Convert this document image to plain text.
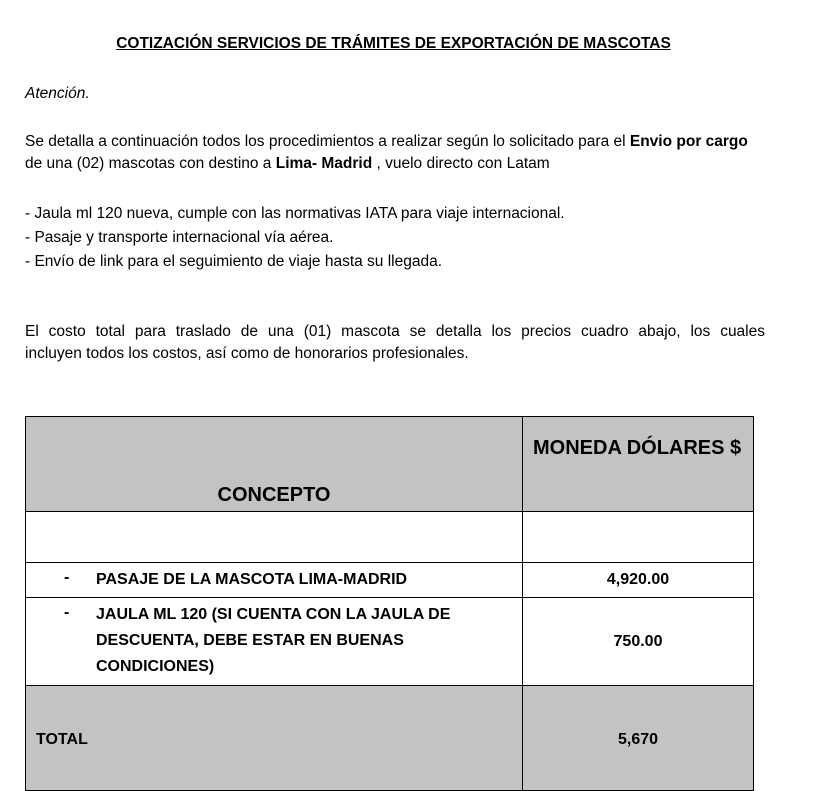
COTIZACIÓN SERVICIOS DE TRÁMITES DE EXPORTACIÓN DE MASCOTAS

Atención.

Se detalla a continuación todos los procedimientos a realizar según lo solicitado para el Envio por cargo de una (02) mascotas con destino a Lima- Madrid , vuelo directo con Latam

- Jaula ml 120 nueva, cumple con las normativas IATA para viaje internacional.
- Pasaje y transporte internacional vía aérea.
- Envío de link para el seguimiento de viaje hasta su llegada.

El costo total para traslado de una (01) mascota se detalla los precios cuadro abajo, los cuales
incluyen todos los costos, así como de honorarios profesionales.

CONCEPTO	MONEDA DÓLARES $

- PASAJE DE LA MASCOTA LIMA-MADRID	4,920.00

- JAULA ML 120 (SI CUENTA CON LA JAULA DE DESCUENTA, DEBE ESTAR EN BUENAS CONDICIONES)	750.00
TOTAL	5,670
